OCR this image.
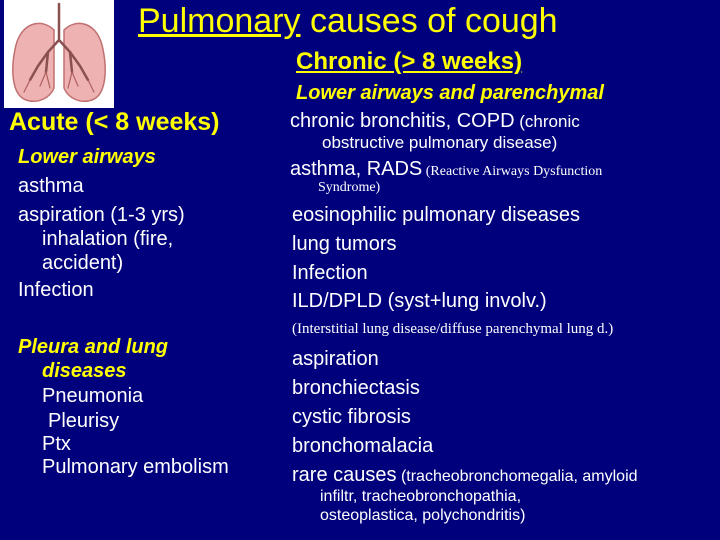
Pulmonary causes of cough
Acute (< 8 weeks)
Lower airways
asthma
aspiration (1-3 yrs)
inhalation (fire,
accident)
Infection
Pleura and lung
diseases
Pneumonia
Pleurisy
Ptx
Pulmonary embolism
Chronic (> 8 weeks)
Lower airways and parenchymal
chronic bronchitis, COPD (chronic
obstructive pulmonary disease)
asthma, RADS (Reactive Airways Dysfunction
Syndrome)
eosinophilic pulmonary diseases
lung tumors
Infection
ILD/DPLD (syst+lung involv.)
(Interstitial lung disease/diffuse parenchymal lung d.)
aspiration
bronchiectasis
cystic fibrosis
bronchomalacia
rare causes (tracheobronchomegalia, amyloid
infiltr, tracheobronchopathia,
osteoplastica, polychondritis)
